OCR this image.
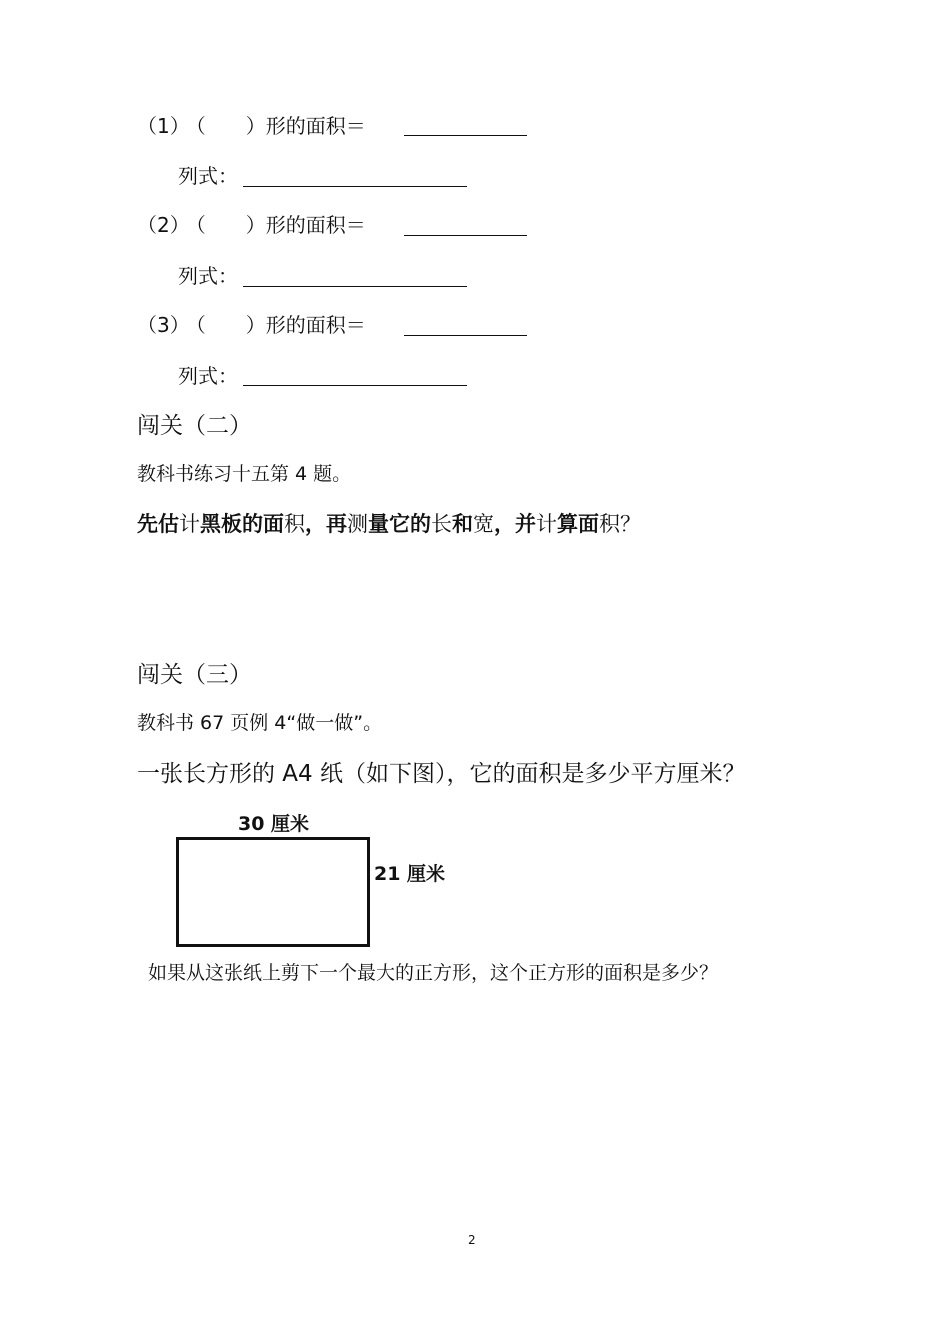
（1） （　　）形的面积＝
列式：
（2） （　　）形的面积＝
列式：
（3） （　　）形的面积＝
列式：
闯关（二）
教科书练习十五第 4 题。
先估计黑板的面积，再测量它的长和宽，并计算面积？
闯关（三）
教科书 67 页例 4“做一做”。
一张长方形的 A4 纸（如下图），它的面积是多少平方厘米？
30 厘米
21 厘米
如果从这张纸上剪下一个最大的正方形，这个正方形的面积是多少？
2
